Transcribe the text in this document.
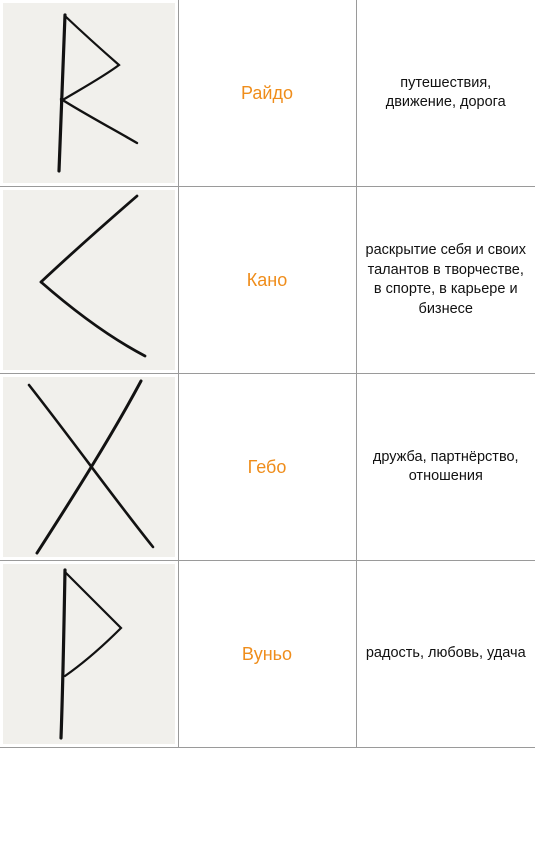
	Райдо	путешествия, движение, дорога

	Кано	раскрытие себя и своих талантов в творчестве, в спорте, в карьере и бизнесе

	Гебо	дружба, партнёрство, отношения

	Вуньо	радость, любовь, удача
